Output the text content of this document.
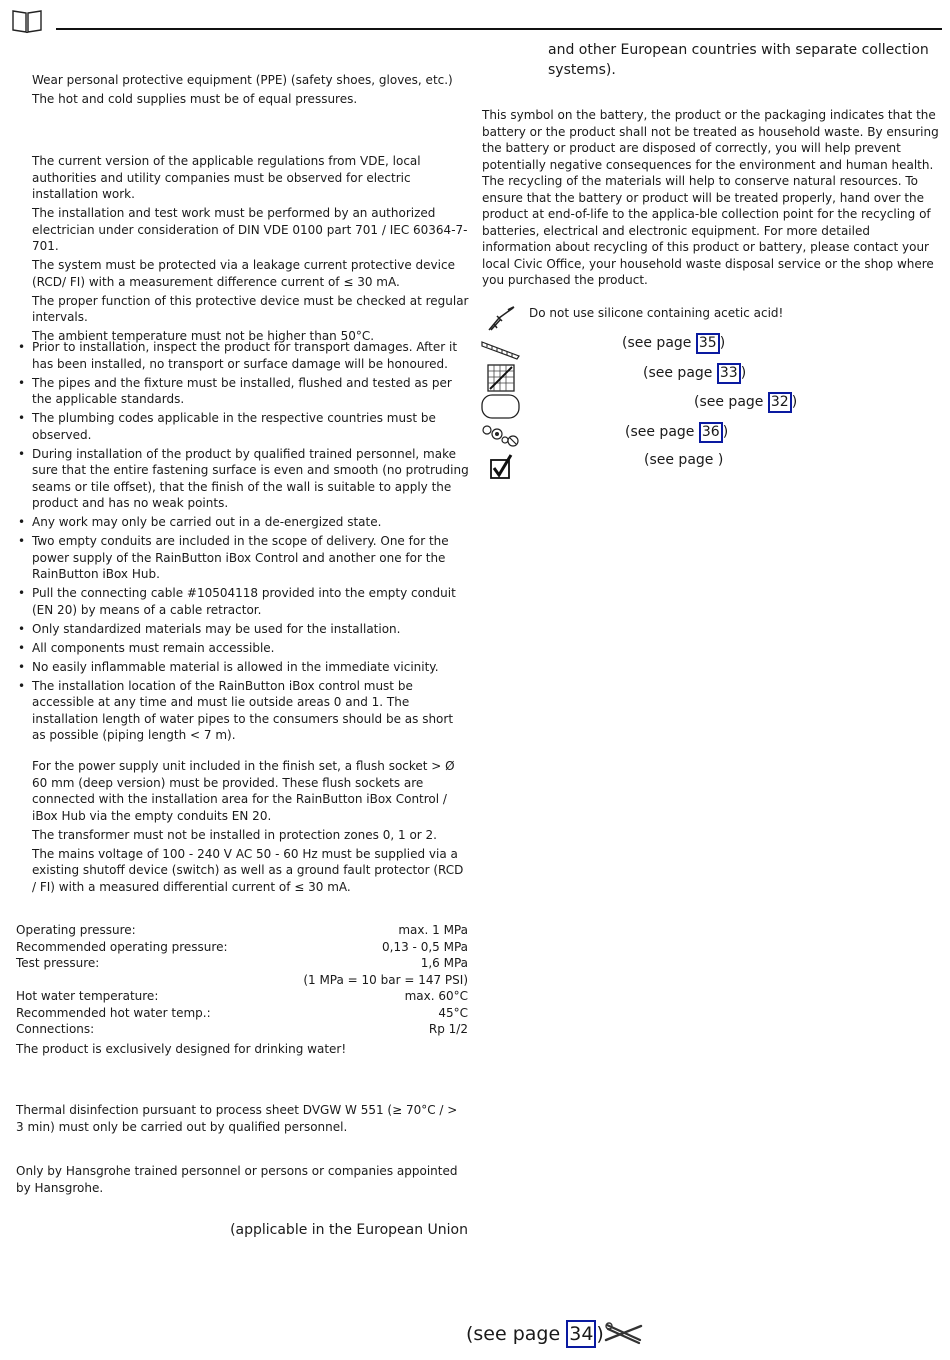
Wear personal protective equipment (PPE) (safety shoes, gloves, etc.)

The hot and cold supplies must be of equal pressures.

The current version of the applicable regulations from VDE, local authorities and utility companies must be observed for electric installation work.

The installation and test work must be performed by an authorized electrician under consideration of DIN VDE 0100 part 701 / IEC 60364-7-701.

The system must be protected via a leakage current protective device (RCD/ FI) with a measurement difference current of ≤ 30 mA.

The proper function of this protective device must be checked at regular intervals.

The ambient temperature must not be higher than 50°C.

• Prior to installation, inspect the product for transport damages. After it has been installed, no transport or surface damage will be honoured.
• The pipes and the fixture must be installed, flushed and tested as per the applicable standards.
• The plumbing codes applicable in the respective countries must be observed.
• During installation of the product by qualified trained personnel, make sure that the entire fastening surface is even and smooth (no protruding seams or tile offset), that the finish of the wall is suitable to apply the product and has no weak points.
• Any work may only be carried out in a de-energized state.
• Two empty conduits are included in the scope of delivery. One for the power supply of the RainButton iBox Control and another one for the RainButton iBox Hub.
• Pull the connecting cable #10504118 provided into the empty conduit (EN 20) by means of a cable retractor.
• Only standardized materials may be used for the installation.
• All components must remain accessible.
• No easily inflammable material is allowed in the immediate vicinity.
• The installation location of the RainButton iBox control must be accessible at any time and must lie outside areas 0 and 1. The installation length of water pipes to the consumers should be as short as possible (piping length < 7 m).

For the power supply unit included in the finish set, a flush socket > Ø 60 mm (deep version) must be provided. These flush sockets are connected with the installation area for the RainButton iBox Control / iBox Hub via the empty conduits EN 20.

The transformer must not be installed in protection zones 0, 1 or 2.

The mains voltage of 100 - 240 V AC 50 - 60 Hz must be supplied via a existing shutoff device (switch) as well as a ground fault protector (RCD / FI) with a measured differential current of ≤ 30 mA.

Operating pressure:	max. 1 MPa
Recommended operating pressure:	0,13 - 0,5 MPa
Test pressure:	1,6 MPa
(1 MPa = 10 bar = 147 PSI)
Hot water temperature:	max. 60°C
Recommended hot water temp.:	45°C
Connections:	Rp 1/2

The product is exclusively designed for drinking water!

Thermal disinfection pursuant to process sheet DVGW W 551 (≥ 70°C / > 3 min) must only be carried out by qualified personnel.

Only by Hansgrohe trained personnel or persons or companies appointed by Hansgrohe.

(applicable in the European Union

and other European countries with separate collection systems).

This symbol on the battery, the product or the packaging indicates that the battery or the product shall not be treated as household waste. By ensuring the battery or product are disposed of correctly, you will help prevent potentially negative consequences for the environment and human health. The recycling of the materials will help to conserve natural resources. To ensure that the battery or product will be treated properly, hand over the product at end-of-life to the applica-ble collection point for the recycling of batteries, electrical and electronic equipment. For more detailed information about recycling of this product or battery, please contact your local Civic Office, your household waste disposal service or the shop where you purchased the product.

Do not use silicone containing acetic acid!

(see page 35 )

(see page 33 )

(see page 32 )

(see page 36 )

(see page )

(see page 34 )
